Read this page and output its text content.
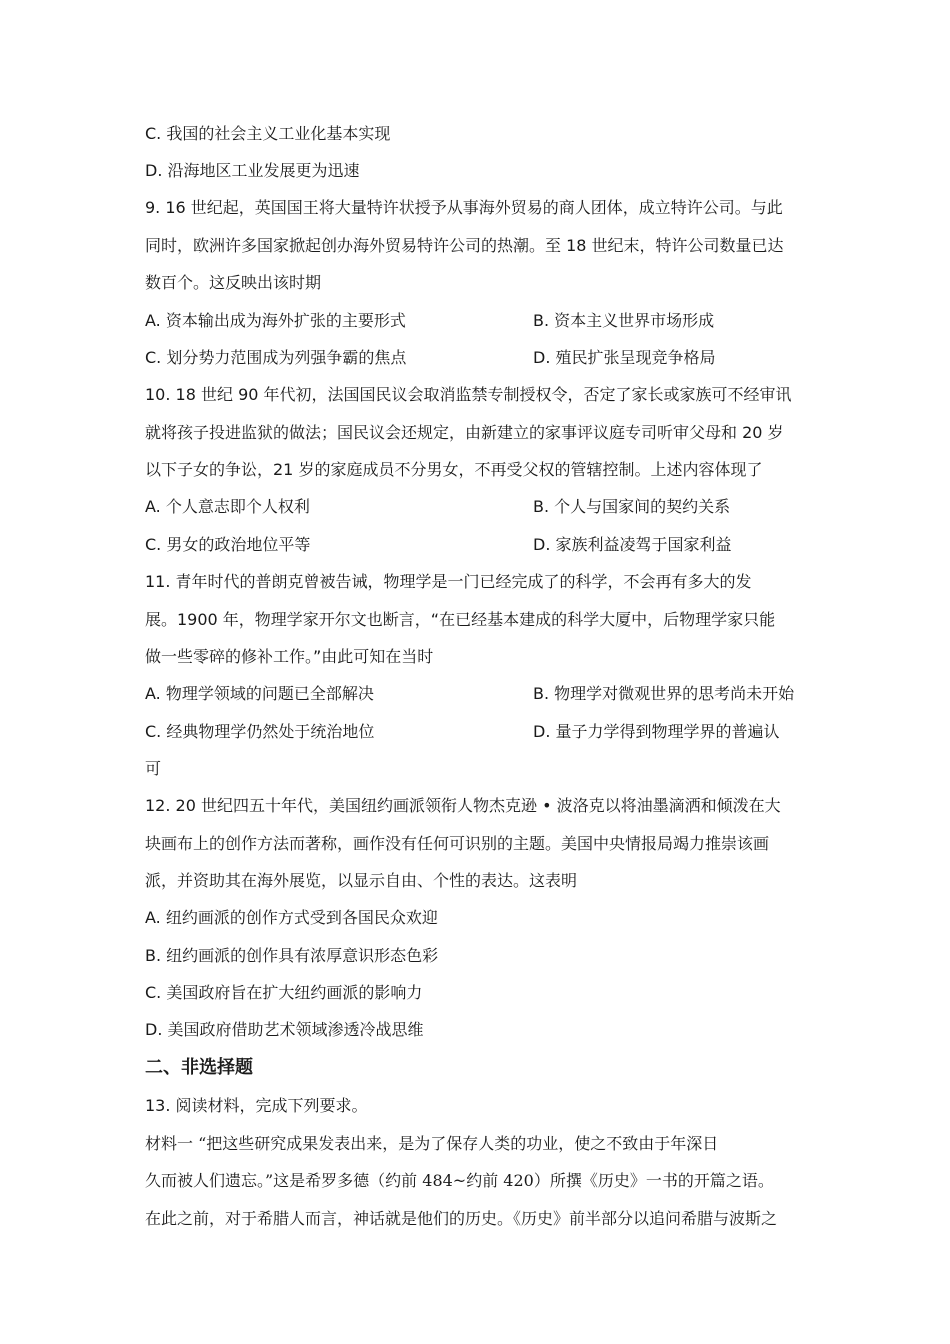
C. 我国的社会主义工业化基本实现
D. 沿海地区工业发展更为迅速
9. 16 世纪起，英国国王将大量特许状授予从事海外贸易的商人团体，成立特许公司。与此
同时，欧洲许多国家掀起创办海外贸易特许公司的热潮。至 18 世纪末，特许公司数量已达
数百个。这反映出该时期
A. 资本输出成为海外扩张的主要形式	B. 资本主义世界市场形成
C. 划分势力范围成为列强争霸的焦点	D. 殖民扩张呈现竞争格局
10. 18 世纪 90 年代初，法国国民议会取消监禁专制授权令，否定了家长或家族可不经审讯
就将孩子投进监狱的做法；国民议会还规定，由新建立的家事评议庭专司听审父母和 20 岁
以下子女的争讼，21 岁的家庭成员不分男女，不再受父权的管辖控制。上述内容体现了
A. 个人意志即个人权利	B. 个人与国家间的契约关系
C. 男女的政治地位平等	D. 家族利益凌驾于国家利益
11. 青年时代的普朗克曾被告诫，物理学是一门已经完成了的科学，不会再有多大的发
展。1900 年，物理学家开尔文也断言，“在已经基本建成的科学大厦中，后物理学家只能
做一些零碎的修补工作。”由此可知在当时
A. 物理学领域的问题已全部解决	B. 物理学对微观世界的思考尚未开始
C. 经典物理学仍然处于统治地位	D. 量子力学得到物理学界的普遍认
可
12. 20 世纪四五十年代，美国纽约画派领衔人物杰克逊 • 波洛克以将油墨滴洒和倾泼在大
块画布上的创作方法而著称，画作没有任何可识别的主题。美国中央情报局竭力推崇该画
派，并资助其在海外展览，以显示自由、个性的表达。这表明
A. 纽约画派的创作方式受到各国民众欢迎
B. 纽约画派的创作具有浓厚意识形态色彩
C. 美国政府旨在扩大纽约画派的影响力
D. 美国政府借助艺术领域渗透冷战思维
二、非选择题
13. 阅读材料，完成下列要求。
材料一 “把这些研究成果发表出来，是为了保存人类的功业，使之不致由于年深日
久而被人们遗忘。”这是希罗多德（约前 484~约前 420）所撰《历史》一书的开篇之语。
在此之前，对于希腊人而言，神话就是他们的历史。《历史》前半部分以追问希腊与波斯之
